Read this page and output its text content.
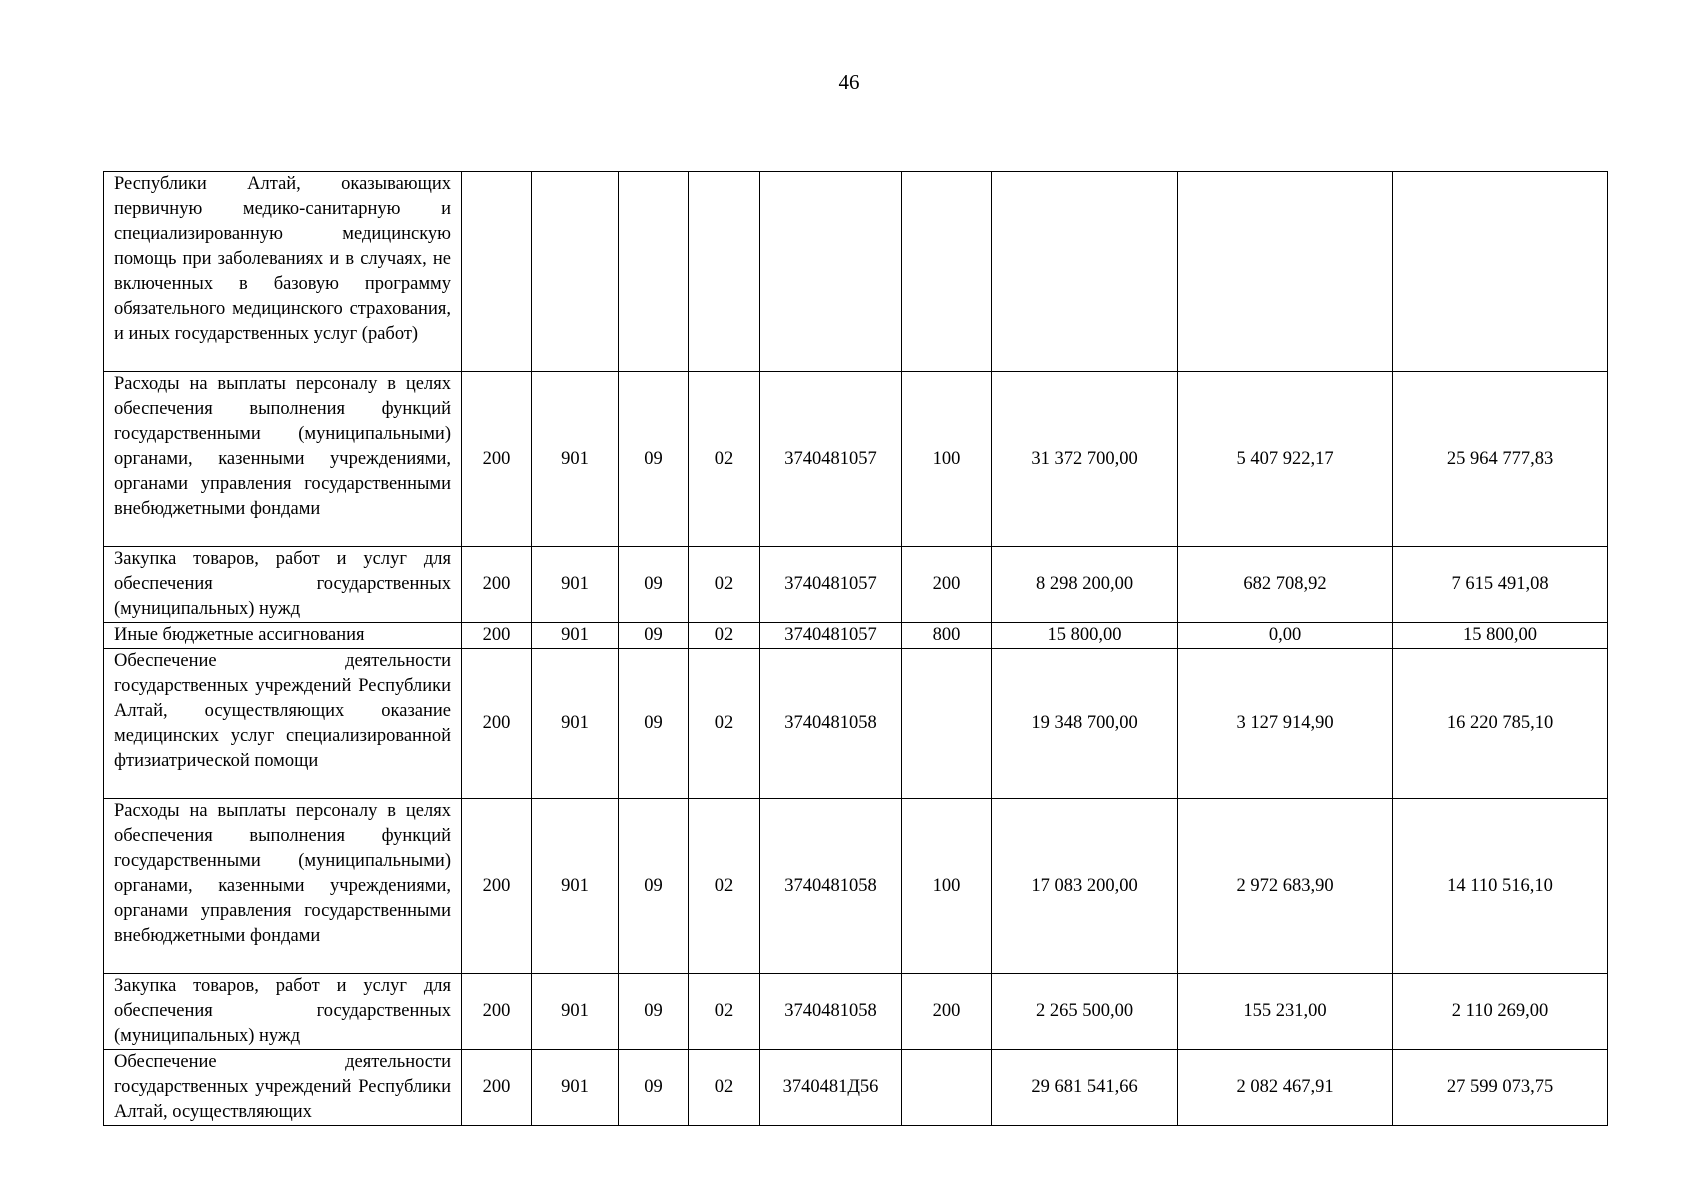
46
Республики Алтай, оказывающих первичную медико-санитарную и специализированную медицинскую помощь при заболеваниях и в случаях, не включенных в базовую программу обязательного медицинского страхования, и иных государственных услуг (работ)									
Расходы на выплаты персоналу в целях обеспечения выполнения функций государственными (муниципальными) органами, казенными учреждениями, органами управления государственными внебюджетными фондами	200	901	09	02	3740481057	100	31 372 700,00	5 407 922,17	25 964 777,83
Закупка товаров, работ и услуг для обеспечения государственных (муниципальных) нужд	200	901	09	02	3740481057	200	8 298 200,00	682 708,92	7 615 491,08
Иные бюджетные ассигнования	200	901	09	02	3740481057	800	15 800,00	0,00	15 800,00
Обеспечение деятельности государственных учреждений Республики Алтай, осуществляющих оказание медицинских услуг специализированной фтизиатрической помощи	200	901	09	02	3740481058		19 348 700,00	3 127 914,90	16 220 785,10
Расходы на выплаты персоналу в целях обеспечения выполнения функций государственными (муниципальными) органами, казенными учреждениями, органами управления государственными внебюджетными фондами	200	901	09	02	3740481058	100	17 083 200,00	2 972 683,90	14 110 516,10
Закупка товаров, работ и услуг для обеспечения государственных (муниципальных) нужд	200	901	09	02	3740481058	200	2 265 500,00	155 231,00	2 110 269,00
Обеспечение деятельности государственных учреждений Республики Алтай, осуществляющих	200	901	09	02	3740481Д56		29 681 541,66	2 082 467,91	27 599 073,75
